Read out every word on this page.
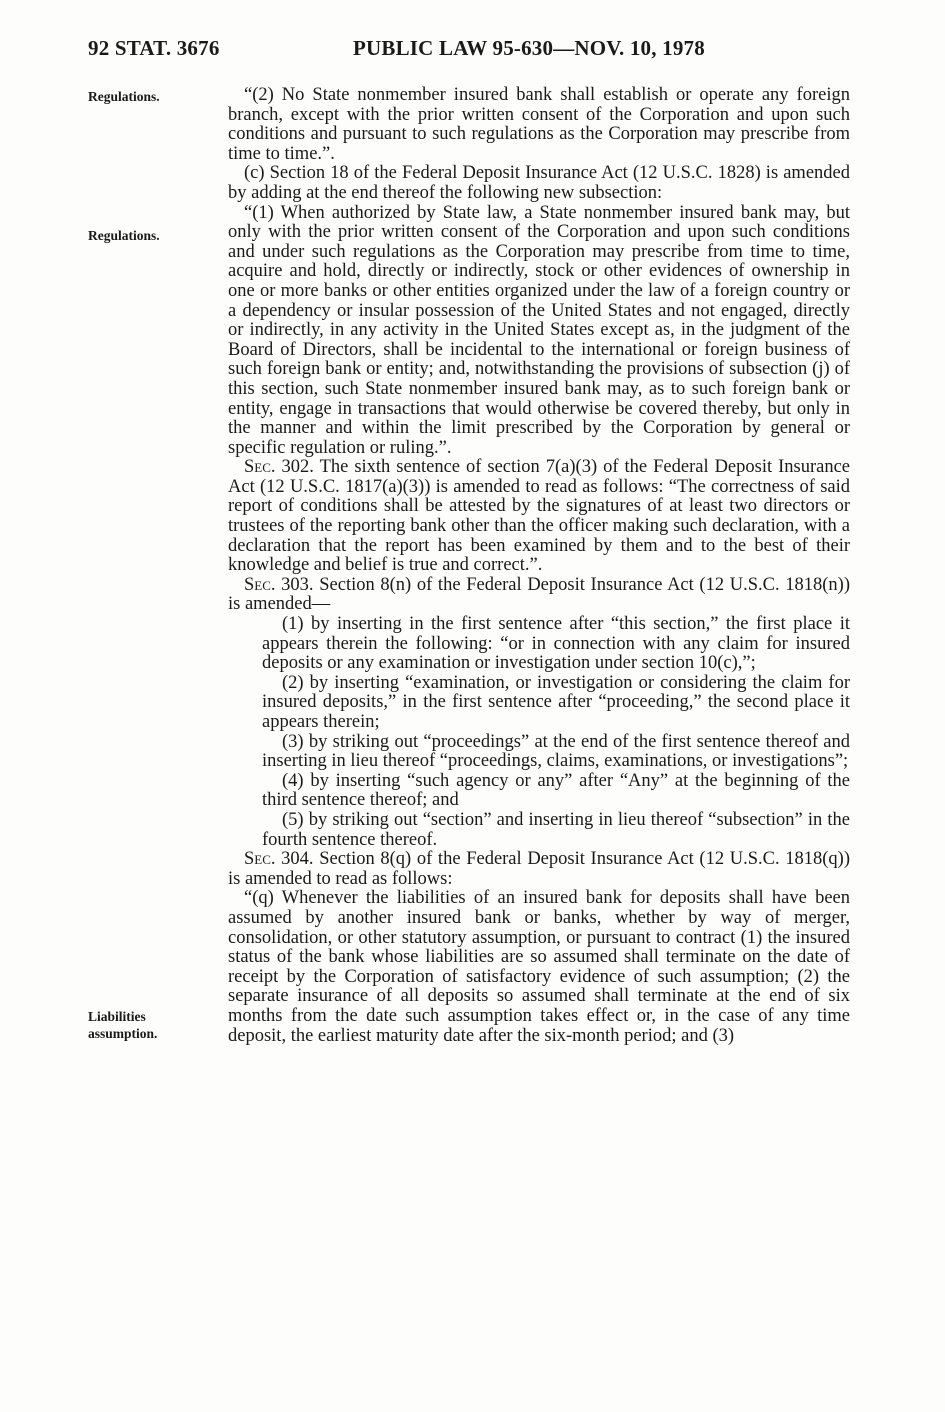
92 STAT. 3676	PUBLIC LAW 95-630—NOV. 10, 1978
Regulations.
Regulations.
Liabilities
assumption.

“(2) No State nonmember insured bank shall establish or operate any foreign branch, except with the prior written consent of the Corporation and upon such conditions and pursuant to such regulations as the Corporation may prescribe from time to time.”.

(c) Section 18 of the Federal Deposit Insurance Act (12 U.S.C. 1828) is amended by adding at the end thereof the following new subsection:

“(1) When authorized by State law, a State nonmember insured bank may, but only with the prior written consent of the Corporation and upon such conditions and under such regulations as the Corporation may prescribe from time to time, acquire and hold, directly or indirectly, stock or other evidences of ownership in one or more banks or other entities organized under the law of a foreign country or a dependency or insular possession of the United States and not engaged, directly or indirectly, in any activity in the United States except as, in the judgment of the Board of Directors, shall be incidental to the international or foreign business of such foreign bank or entity; and, notwithstanding the provisions of subsection (j) of this section, such State nonmember insured bank may, as to such foreign bank or entity, engage in transactions that would otherwise be covered thereby, but only in the manner and within the limit prescribed by the Corporation by general or specific regulation or ruling.”.

Sec. 302. The sixth sentence of section 7(a)(3) of the Federal Deposit Insurance Act (12 U.S.C. 1817(a)(3)) is amended to read as follows: “The correctness of said report of conditions shall be attested by the signatures of at least two directors or trustees of the reporting bank other than the officer making such declaration, with a declaration that the report has been examined by them and to the best of their knowledge and belief is true and correct.”.

Sec. 303. Section 8(n) of the Federal Deposit Insurance Act (12 U.S.C. 1818(n)) is amended—

(1) by inserting in the first sentence after “this section,” the first place it appears therein the following: “or in connection with any claim for insured deposits or any examination or investigation under section 10(c),”;

(2) by inserting “examination, or investigation or considering the claim for insured deposits,” in the first sentence after “proceeding,” the second place it appears therein;

(3) by striking out “proceedings” at the end of the first sentence thereof and inserting in lieu thereof “proceedings, claims, examinations, or investigations”;

(4) by inserting “such agency or any” after “Any” at the beginning of the third sentence thereof; and

(5) by striking out “section” and inserting in lieu thereof “subsection” in the fourth sentence thereof.

Sec. 304. Section 8(q) of the Federal Deposit Insurance Act (12 U.S.C. 1818(q)) is amended to read as follows:

“(q) Whenever the liabilities of an insured bank for deposits shall have been assumed by another insured bank or banks, whether by way of merger, consolidation, or other statutory assumption, or pursuant to contract (1) the insured status of the bank whose liabilities are so assumed shall terminate on the date of receipt by the Corporation of satisfactory evidence of such assumption; (2) the separate insurance of all deposits so assumed shall terminate at the end of six months from the date such assumption takes effect or, in the case of any time deposit, the earliest maturity date after the six-month period; and (3)
